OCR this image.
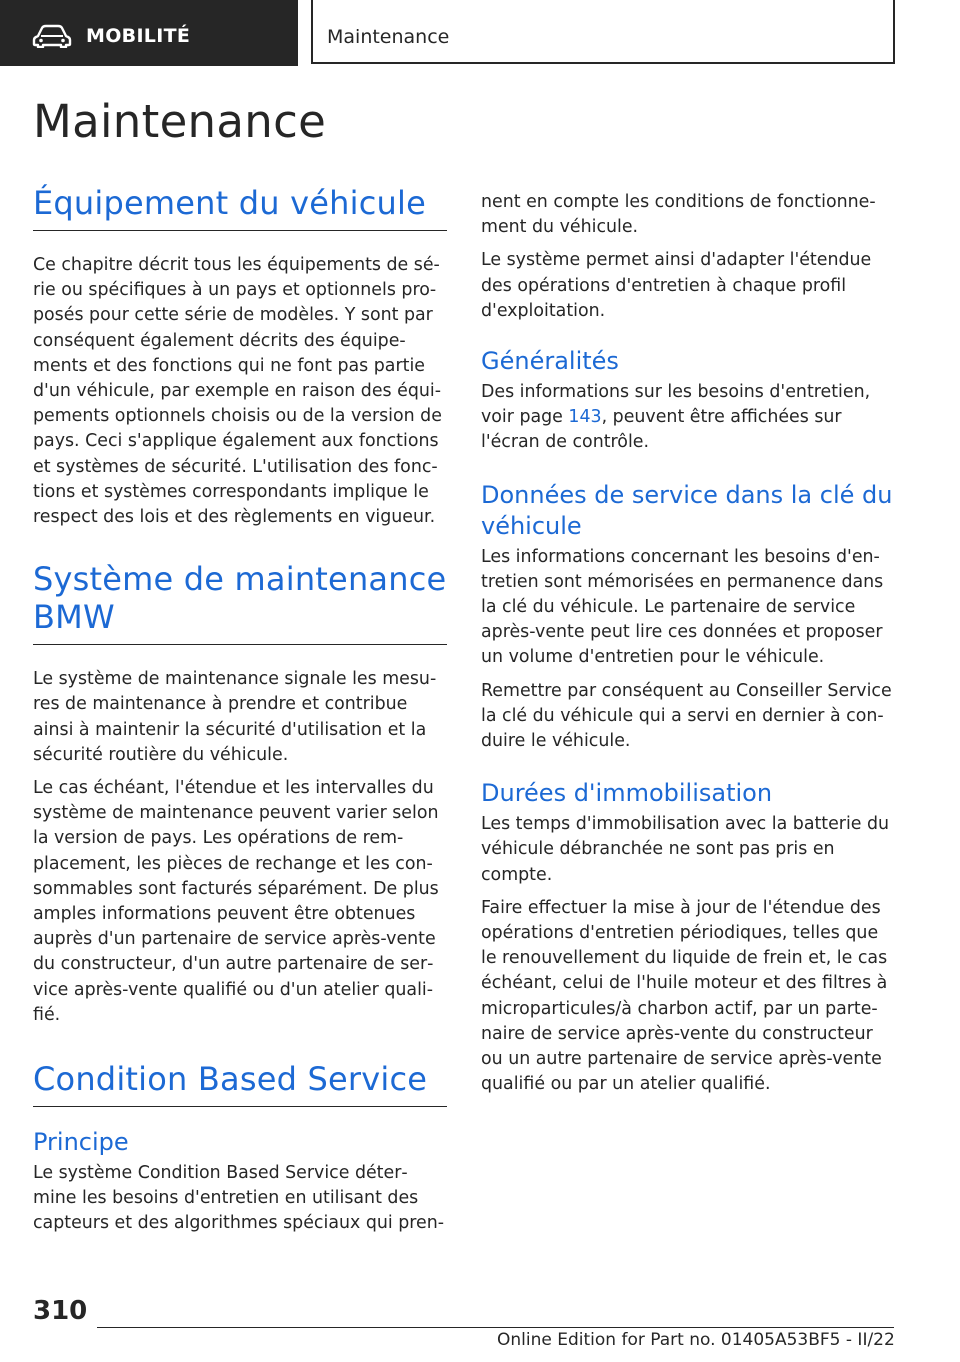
MOBILITÉ	Maintenance
Maintenance
Équipement du véhicule

Ce chapitre décrit tous les équipements de sé‐
rie ou spécifiques à un pays et optionnels pro‐
posés pour cette série de modèles. Y sont par
conséquent également décrits des équipe‐
ments et des fonctions qui ne font pas partie
d'un véhicule, par exemple en raison des équi‐
pements optionnels choisis ou de la version de
pays. Ceci s'applique également aux fonctions
et systèmes de sécurité. L'utilisation des fonc‐
tions et systèmes correspondants implique le
respect des lois et des règlements en vigueur.

Système de maintenance
BMW

Le système de maintenance signale les mesu‐
res de maintenance à prendre et contribue
ainsi à maintenir la sécurité d'utilisation et la
sécurité routière du véhicule.

Le cas échéant, l'étendue et les intervalles du
système de maintenance peuvent varier selon
la version de pays. Les opérations de rem‐
placement, les pièces de rechange et les con‐
sommables sont facturés séparément. De plus
amples informations peuvent être obtenues
auprès d'un partenaire de service après-vente
du constructeur, d'un autre partenaire de ser‐
vice après-vente qualifié ou d'un atelier quali‐
fié.

Condition Based Service
Principe

Le système Condition Based Service déter‐
mine les besoins d'entretien en utilisant des
capteurs et des algorithmes spéciaux qui pren‐

nent en compte les conditions de fonctionne‐
ment du véhicule.

Le système permet ainsi d'adapter l'étendue
des opérations d'entretien à chaque profil
d'exploitation.

Généralités

Des informations sur les besoins d'entretien,
voir page 143, peuvent être affichées sur
l'écran de contrôle.

Données de service dans la clé du
véhicule

Les informations concernant les besoins d'en‐
tretien sont mémorisées en permanence dans
la clé du véhicule. Le partenaire de service
après-vente peut lire ces données et proposer
un volume d'entretien pour le véhicule.

Remettre par conséquent au Conseiller Service
la clé du véhicule qui a servi en dernier à con‐
duire le véhicule.

Durées d'immobilisation

Les temps d'immobilisation avec la batterie du
véhicule débranchée ne sont pas pris en
compte.

Faire effectuer la mise à jour de l'étendue des
opérations d'entretien périodiques, telles que
le renouvellement du liquide de frein et, le cas
échéant, celui de l'huile moteur et des filtres à
microparticules/à charbon actif, par un parte‐
naire de service après-vente du constructeur
ou un autre partenaire de service après-vente
qualifié ou par un atelier qualifié.

310
Online Edition for Part no. 01405A53BF5 - II/22
